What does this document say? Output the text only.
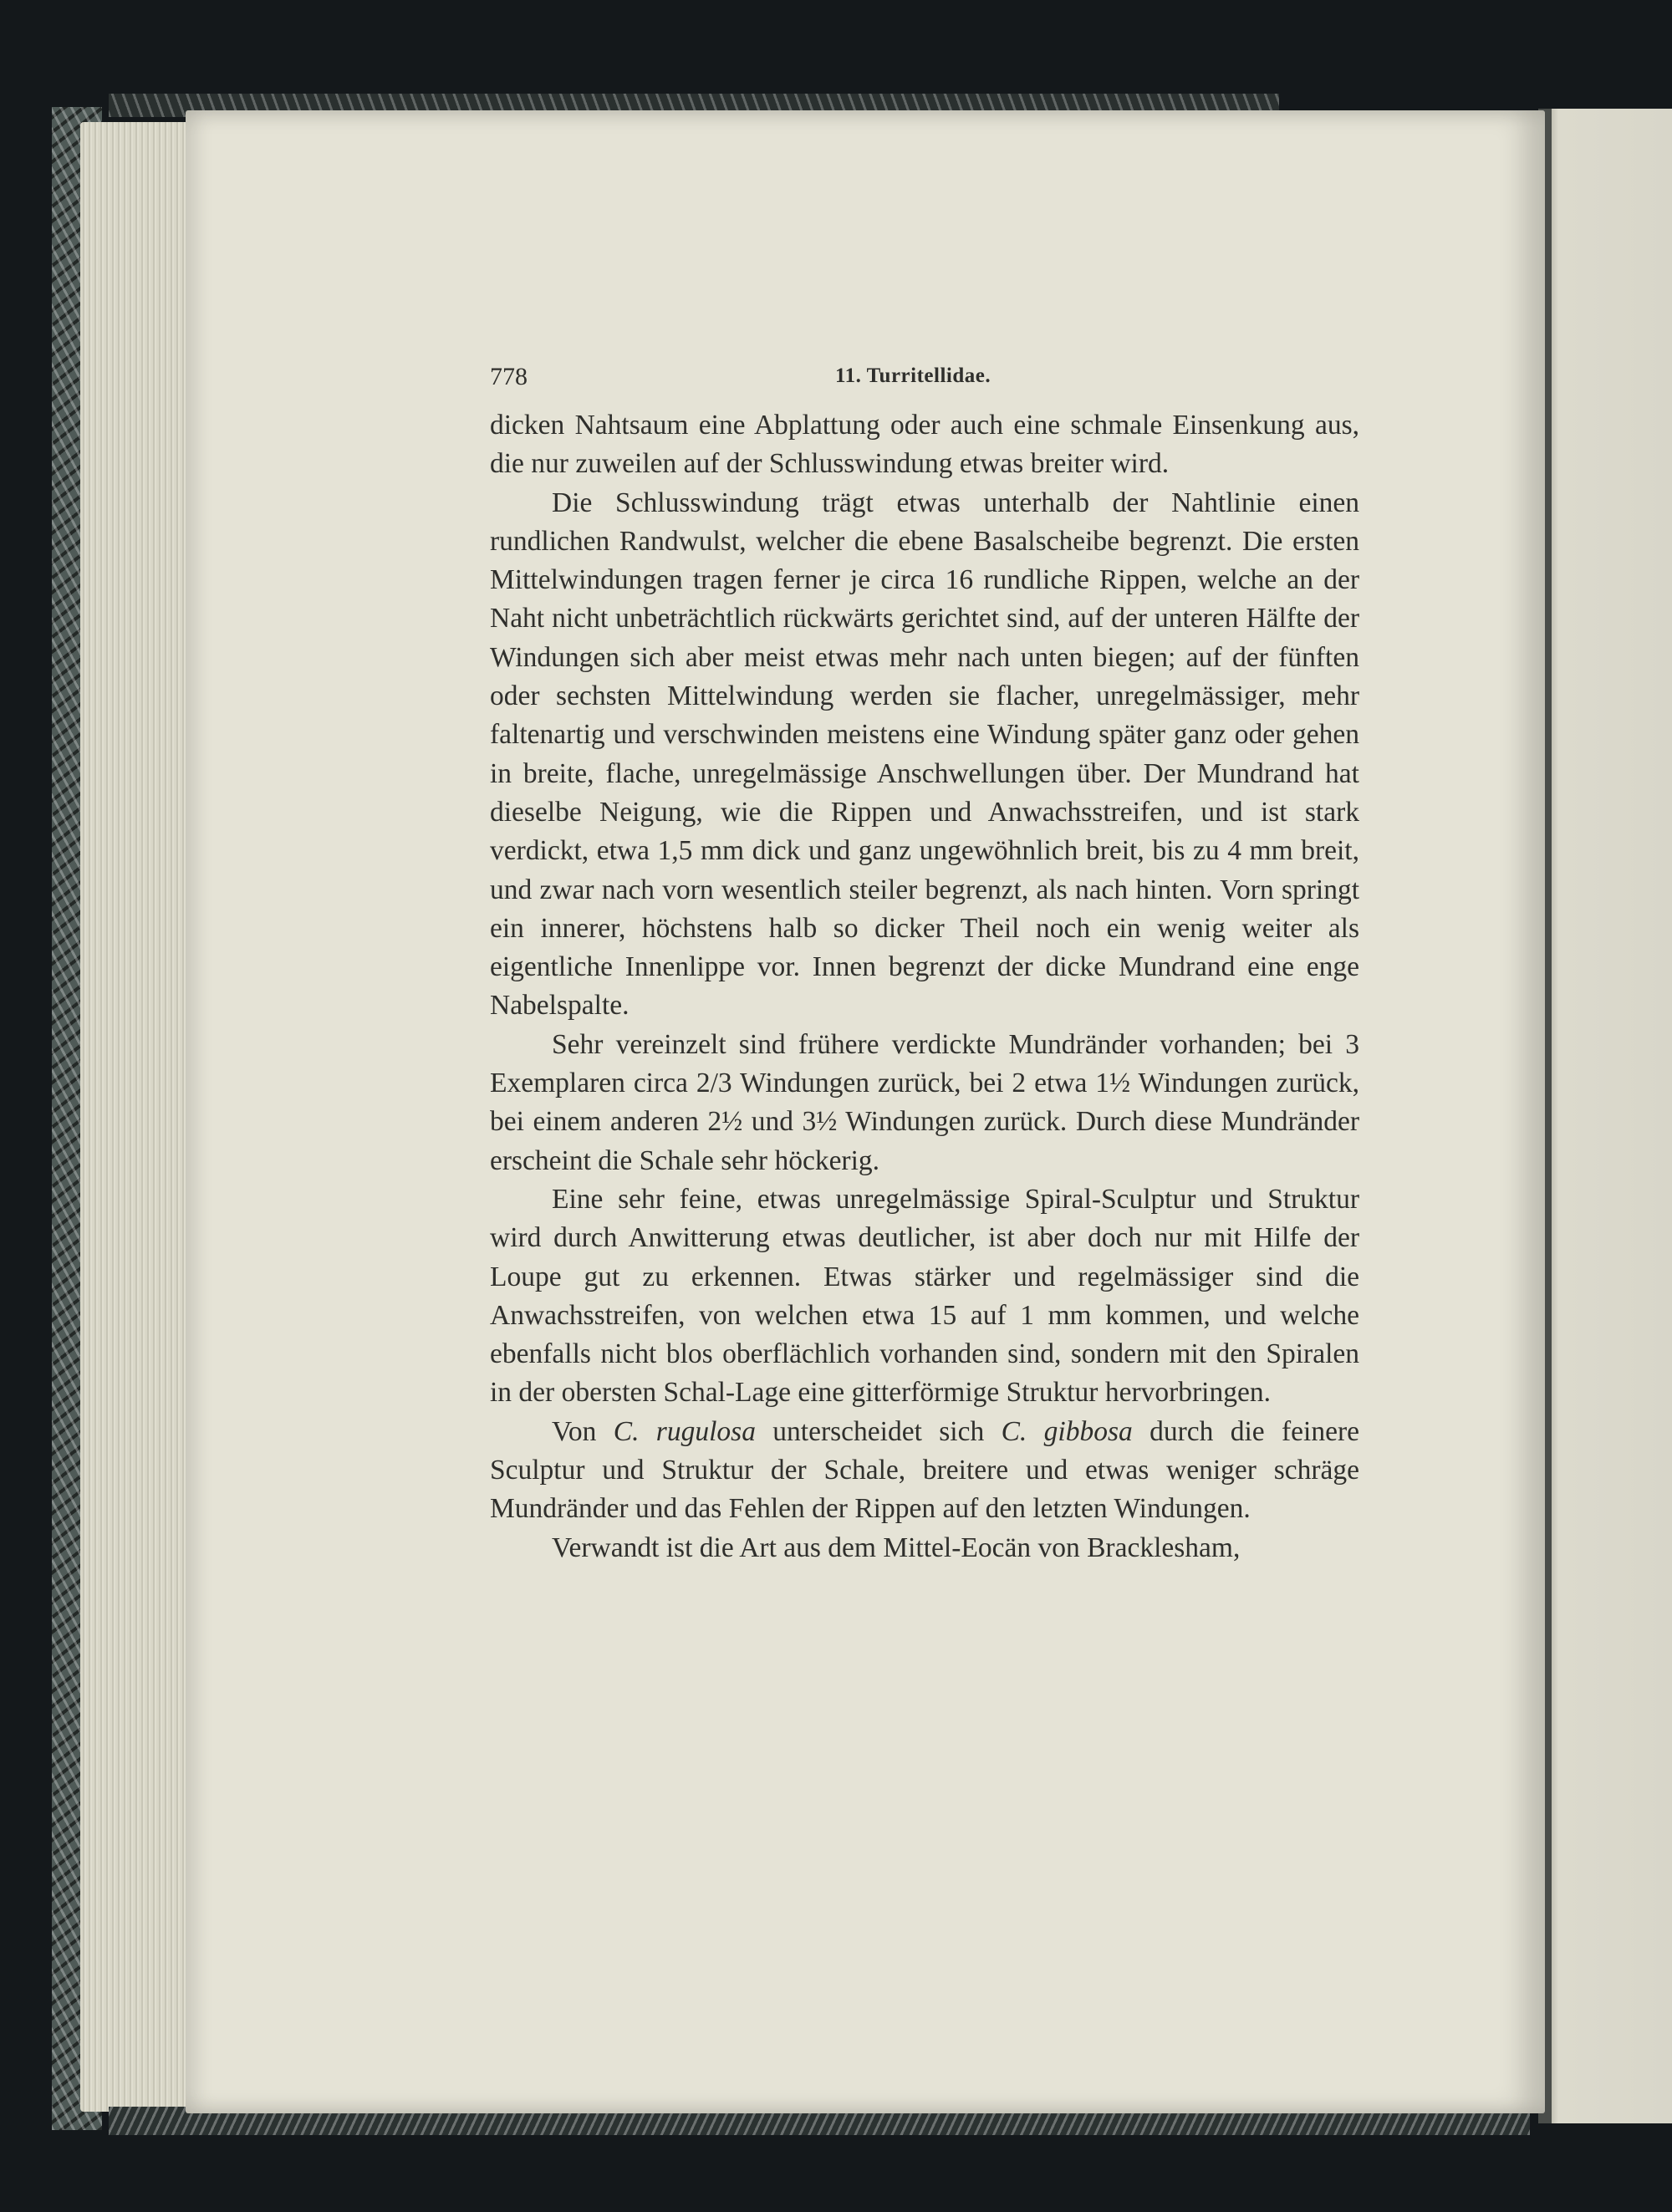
778	11. Turritellidae.

dicken Nahtsaum eine Abplattung oder auch eine schmale Einsenkung aus, die nur zuweilen auf der Schlusswindung etwas breiter wird.

Die Schlusswindung trägt etwas unterhalb der Nahtlinie einen rundlichen Randwulst, welcher die ebene Basalscheibe begrenzt. Die ersten Mittelwindungen tragen ferner je circa 16 rundliche Rippen, welche an der Naht nicht unbeträchtlich rückwärts gerichtet sind, auf der unteren Hälfte der Windungen sich aber meist etwas mehr nach unten biegen; auf der fünften oder sechsten Mittelwindung werden sie flacher, unregelmässiger, mehr faltenartig und verschwinden meistens eine Windung später ganz oder gehen in breite, flache, unregelmässige Anschwellungen über. Der Mundrand hat dieselbe Neigung, wie die Rippen und Anwachsstreifen, und ist stark verdickt, etwa 1,5 mm dick und ganz ungewöhnlich breit, bis zu 4 mm breit, und zwar nach vorn wesentlich steiler begrenzt, als nach hinten. Vorn springt ein innerer, höchstens halb so dicker Theil noch ein wenig weiter als eigentliche Innenlippe vor. Innen begrenzt der dicke Mundrand eine enge Nabelspalte.

Sehr vereinzelt sind frühere verdickte Mundränder vorhanden; bei 3 Exemplaren circa 2/3 Windungen zurück, bei 2 etwa 1½ Windungen zurück, bei einem anderen 2½ und 3½ Windungen zurück. Durch diese Mundränder erscheint die Schale sehr höckerig.

Eine sehr feine, etwas unregelmässige Spiral-Sculptur und Struktur wird durch Anwitterung etwas deutlicher, ist aber doch nur mit Hilfe der Loupe gut zu erkennen. Etwas stärker und regelmässiger sind die Anwachsstreifen, von welchen etwa 15 auf 1 mm kommen, und welche ebenfalls nicht blos oberflächlich vorhanden sind, sondern mit den Spiralen in der obersten Schal-Lage eine gitterförmige Struktur hervorbringen.

Von C. rugulosa unterscheidet sich C. gibbosa durch die feinere Sculptur und Struktur der Schale, breitere und etwas weniger schräge Mundränder und das Fehlen der Rippen auf den letzten Windungen.

Verwandt ist die Art aus dem Mittel-Eocän von Bracklesham,
